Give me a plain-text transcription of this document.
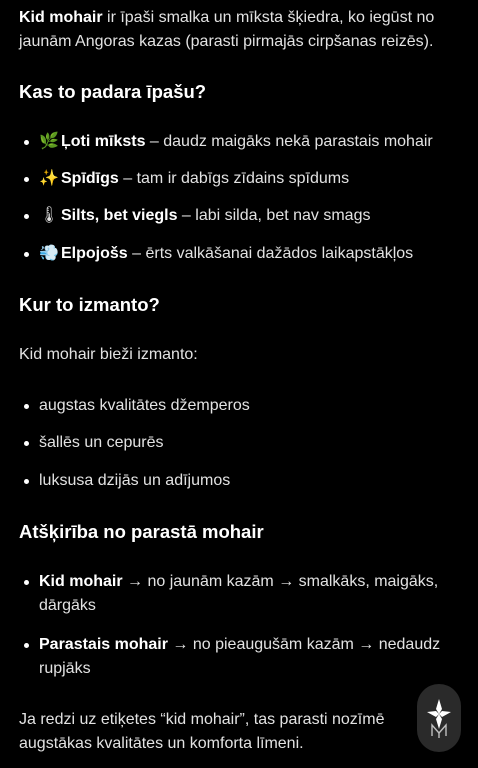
Kid mohair ir īpaši smalka un mīksta šķiedra, ko iegūst no jaunām Angoras kazas (parasti pirmajās cirpšanas reizēs).

Kas to padara īpašu?
🌿 Ļoti mīksts – daudz maigāks nekā parastais mohair
✨ Spīdīgs – tam ir dabīgs zīdains spīdums
🌡 Silts, bet viegls – labi silda, bet nav smags
💨 Elpojošs – ērts valkāšanai dažādos laikapstākļos
Kur to izmanto?

Kid mohair bieži izmanto:

augstas kvalitātes džemperos
šallēs un cepurēs
luksusa dzijās un adījumos
Atšķirība no parastā mohair
Kid mohair → no jaunām kazām → smalkāks, maigāks, dārgāks
Parastais mohair → no pieaugušām kazām → nedaudz rupjāks

Ja redzi uz etiķetes “kid mohair”, tas parasti nozīmē augstākas kvalitātes un komforta līmeni.
